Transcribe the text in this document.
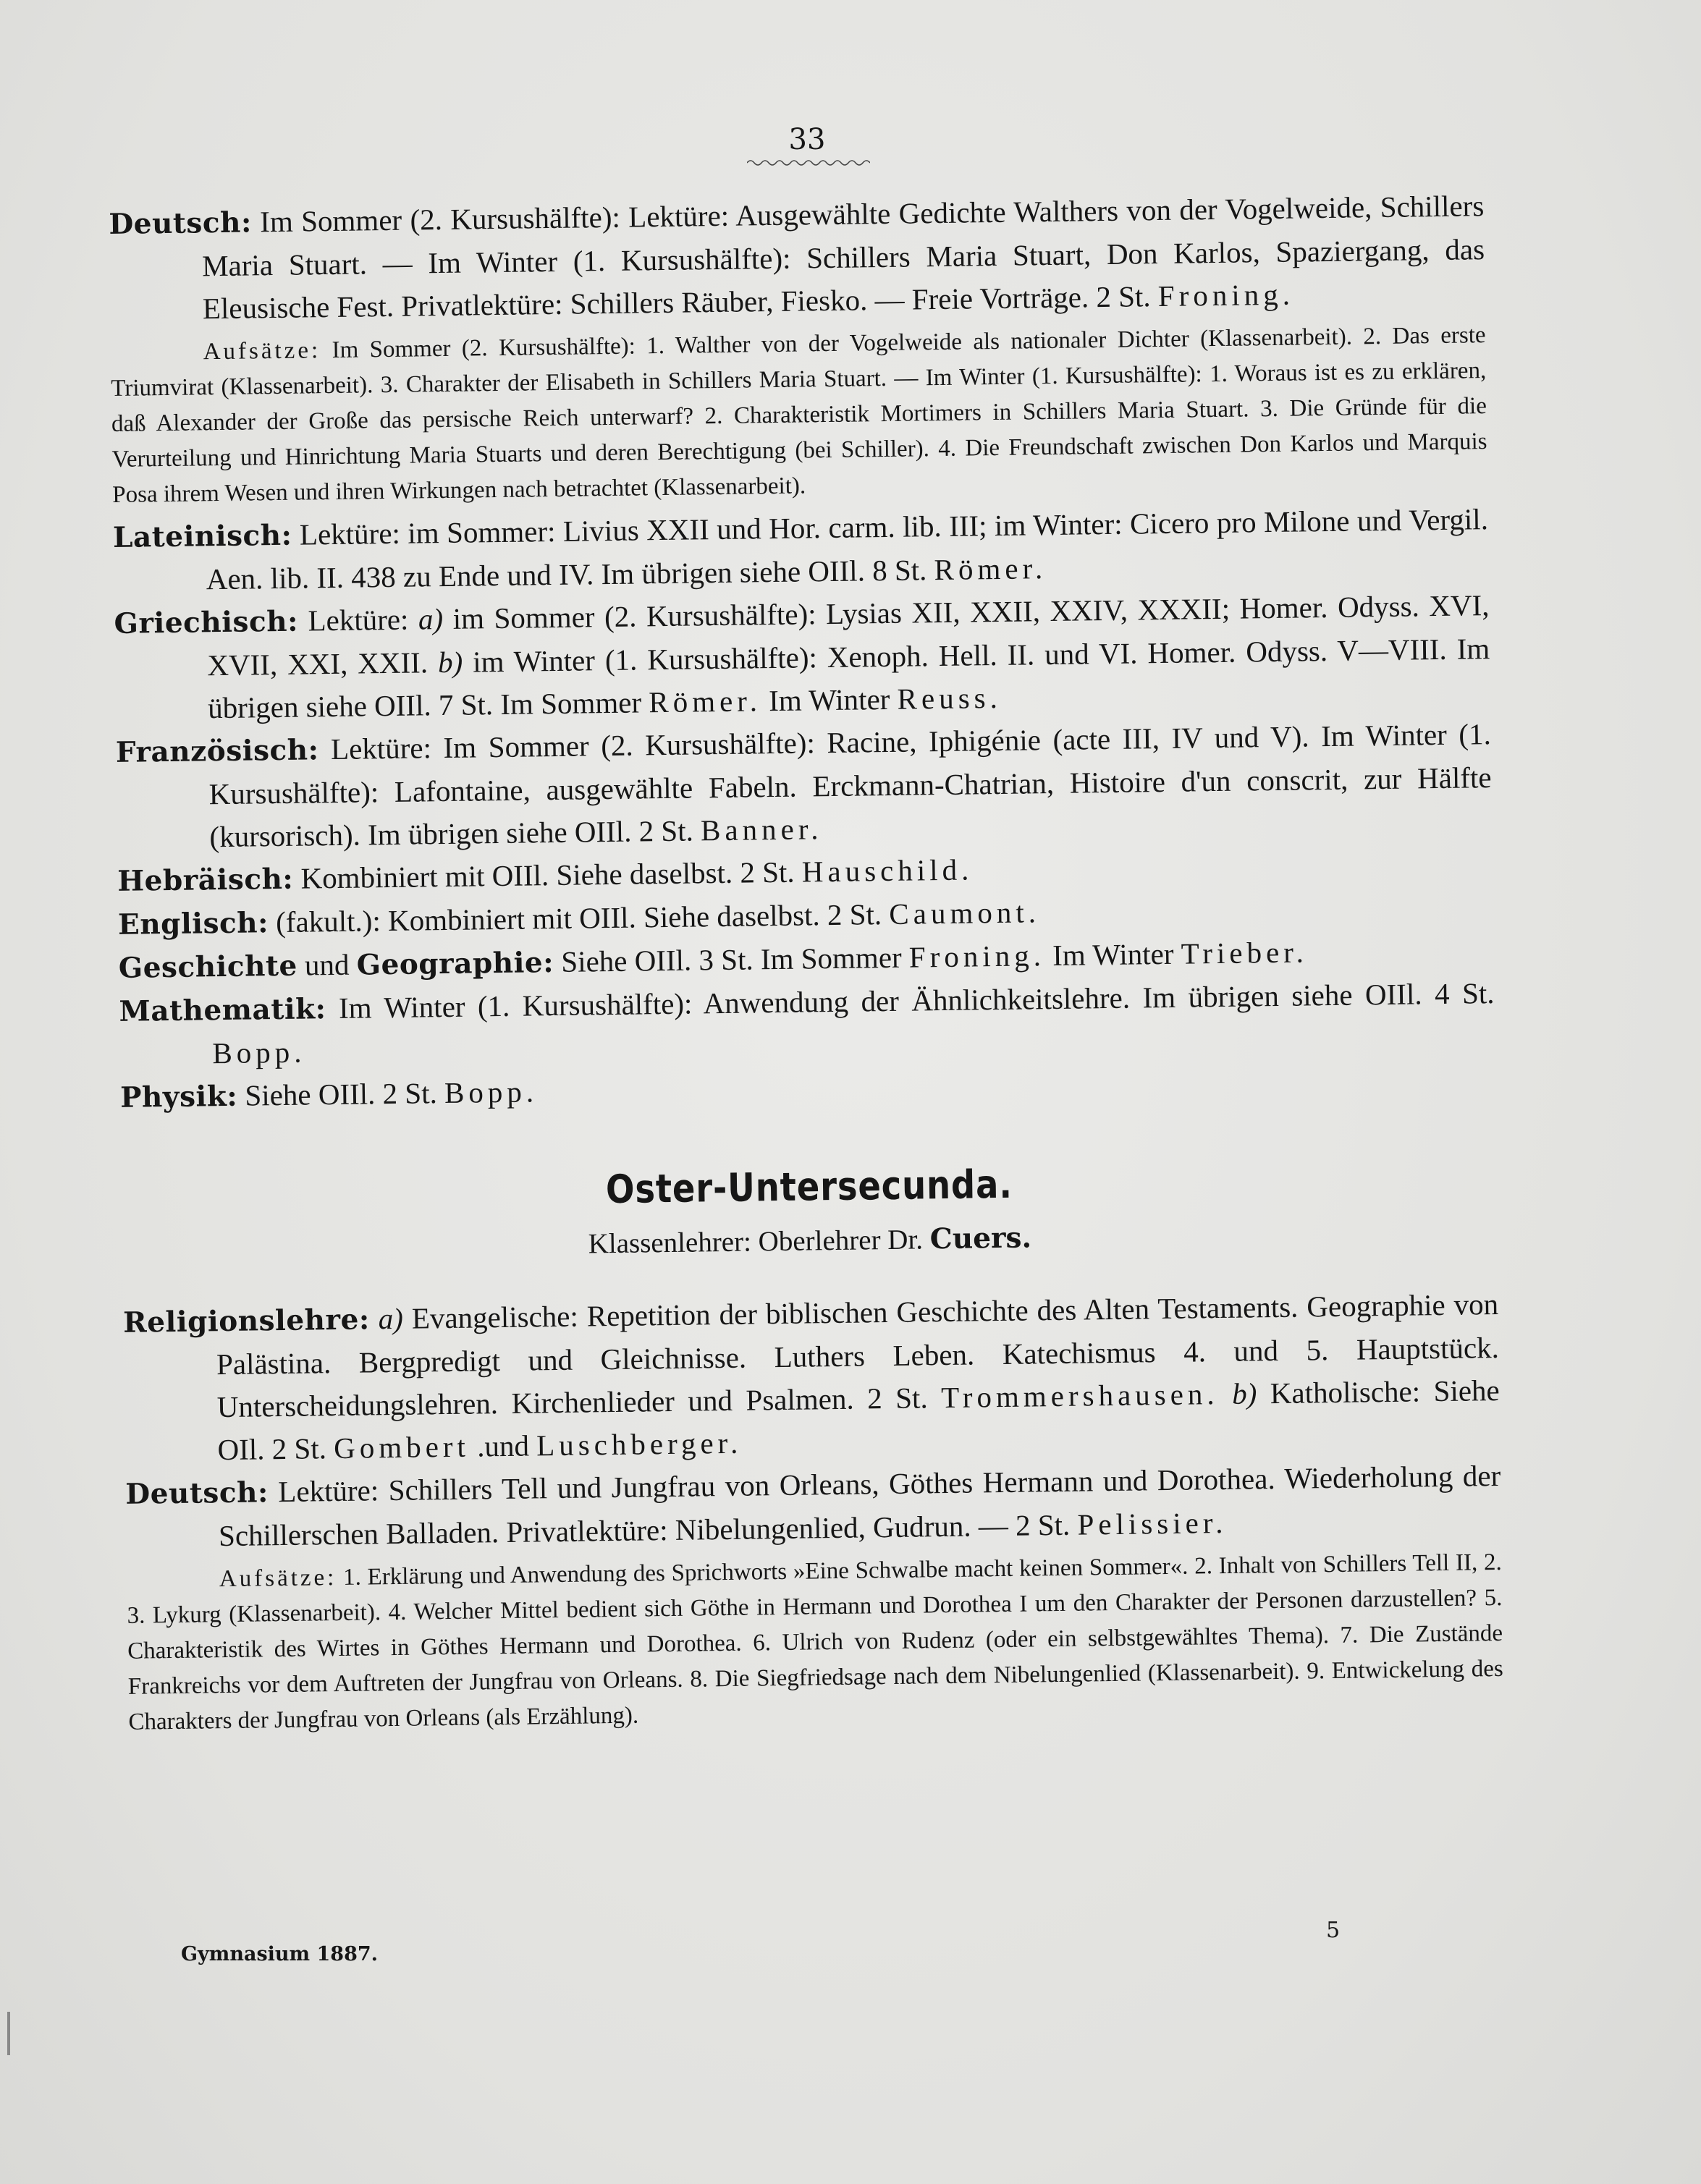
33

Deutsch: Im Sommer (2. Kursushälfte): Lektüre: Ausgewählte Gedichte Walthers von der Vogelweide, Schillers Maria Stuart. — Im Winter (1. Kursushälfte): Schillers Maria Stuart, Don Karlos, Spaziergang, das Eleusische Fest. Privatlektüre: Schillers Räuber, Fiesko. — Freie Vorträge. 2 St. Froning.

Aufsätze: Im Sommer (2. Kursushälfte): 1. Walther von der Vogelweide als nationaler Dichter (Klassenarbeit). 2. Das erste Triumvirat (Klassenarbeit). 3. Charakter der Elisabeth in Schillers Maria Stuart. — Im Winter (1. Kursushälfte): 1. Woraus ist es zu erklären, daß Alexander der Große das persische Reich unterwarf? 2. Charakteristik Mortimers in Schillers Maria Stuart. 3. Die Gründe für die Verurteilung und Hinrichtung Maria Stuarts und deren Berechtigung (bei Schiller). 4. Die Freundschaft zwischen Don Karlos und Marquis Posa ihrem Wesen und ihren Wirkungen nach betrachtet (Klassenarbeit).

Lateinisch: Lektüre: im Sommer: Livius XXII und Hor. carm. lib. III; im Winter: Cicero pro Milone und Vergil. Aen. lib. II. 438 zu Ende und IV. Im übrigen siehe OIIl. 8 St. Römer.

Griechisch: Lektüre: a) im Sommer (2. Kursushälfte): Lysias XII, XXII, XXIV, XXXII; Homer. Odyss. XVI, XVII, XXI, XXII. b) im Winter (1. Kursushälfte): Xenoph. Hell. II. und VI. Homer. Odyss. V—VIII. Im übrigen siehe OIIl. 7 St. Im Sommer Römer. Im Winter Reuss.

Französisch: Lektüre: Im Sommer (2. Kursushälfte): Racine, Iphigénie (acte III, IV und V). Im Winter (1. Kursushälfte): Lafontaine, ausgewählte Fabeln. Erckmann-Chatrian, Histoire d'un conscrit, zur Hälfte (kursorisch). Im übrigen siehe OIIl. 2 St. Banner.

Hebräisch: Kombiniert mit OIIl. Siehe daselbst. 2 St. Hauschild.

Englisch: (fakult.): Kombiniert mit OIIl. Siehe daselbst. 2 St. Caumont.

Geschichte und Geographie: Siehe OIIl. 3 St. Im Sommer Froning. Im Winter Trieber.

Mathematik: Im Winter (1. Kursushälfte): Anwendung der Ähnlichkeitslehre. Im übrigen siehe OIIl. 4 St. Bopp.

Physik: Siehe OIIl. 2 St. Bopp.

Oster-Untersecunda.
Klassenlehrer: Oberlehrer Dr. Cuers.

Religionslehre: a) Evangelische: Repetition der biblischen Geschichte des Alten Testaments. Geographie von Palästina. Bergpredigt und Gleichnisse. Luthers Leben. Katechismus 4. und 5. Hauptstück. Unterscheidungslehren. Kirchenlieder und Psalmen. 2 St. Trommershausen. b) Katholische: Siehe OIl. 2 St. Gombert .und Luschberger.

Deutsch: Lektüre: Schillers Tell und Jungfrau von Orleans, Göthes Hermann und Dorothea. Wiederholung der Schillerschen Balladen. Privatlektüre: Nibelungenlied, Gudrun. — 2 St. Pelissier.

Aufsätze: 1. Erklärung und Anwendung des Sprichworts »Eine Schwalbe macht keinen Sommer«. 2. Inhalt von Schillers Tell II, 2. 3. Lykurg (Klassenarbeit). 4. Welcher Mittel bedient sich Göthe in Hermann und Dorothea I um den Charakter der Personen darzustellen? 5. Charakteristik des Wirtes in Göthes Hermann und Dorothea. 6. Ulrich von Rudenz (oder ein selbstgewähltes Thema). 7. Die Zustände Frankreichs vor dem Auftreten der Jungfrau von Orleans. 8. Die Siegfriedsage nach dem Nibelungenlied (Klassenarbeit). 9. Entwickelung des Charakters der Jungfrau von Orleans (als Erzählung).

5
Gymnasium 1887.
